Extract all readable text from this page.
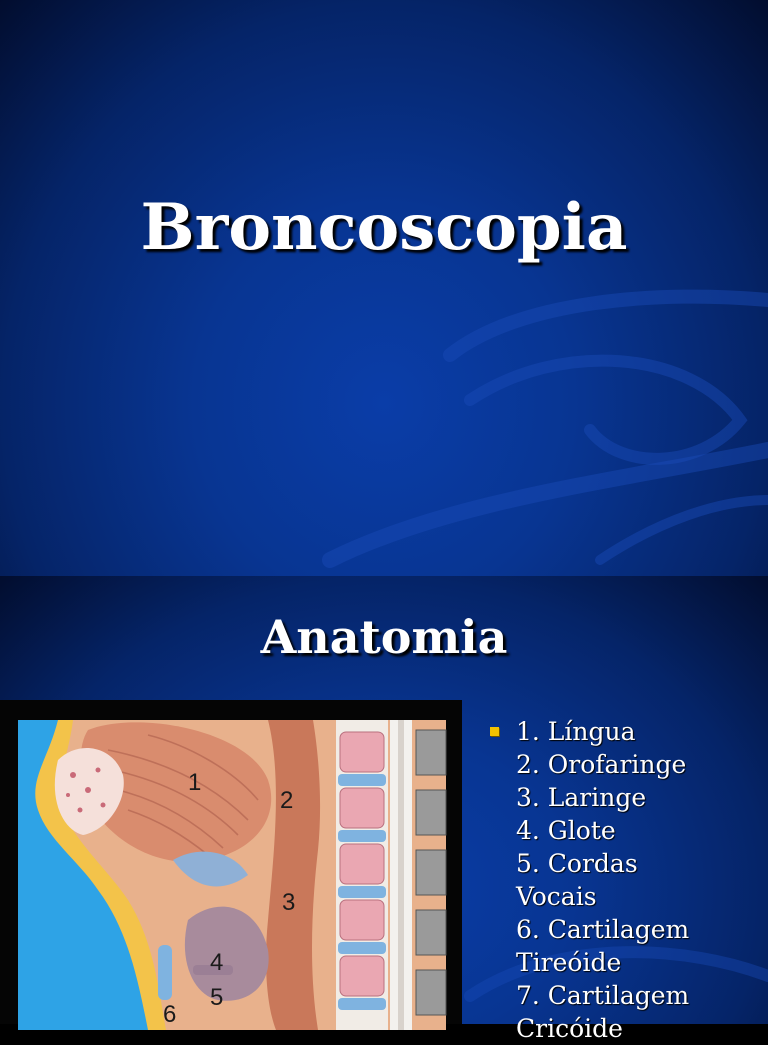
Broncoscopia
Anatomia
1
2
3
4
5
6
1. Língua
2. Orofaringe
3. Laringe
4. Glote
5. Cordas
Vocais
6. Cartilagem
Tireóide
7. Cartilagem
Cricóide
